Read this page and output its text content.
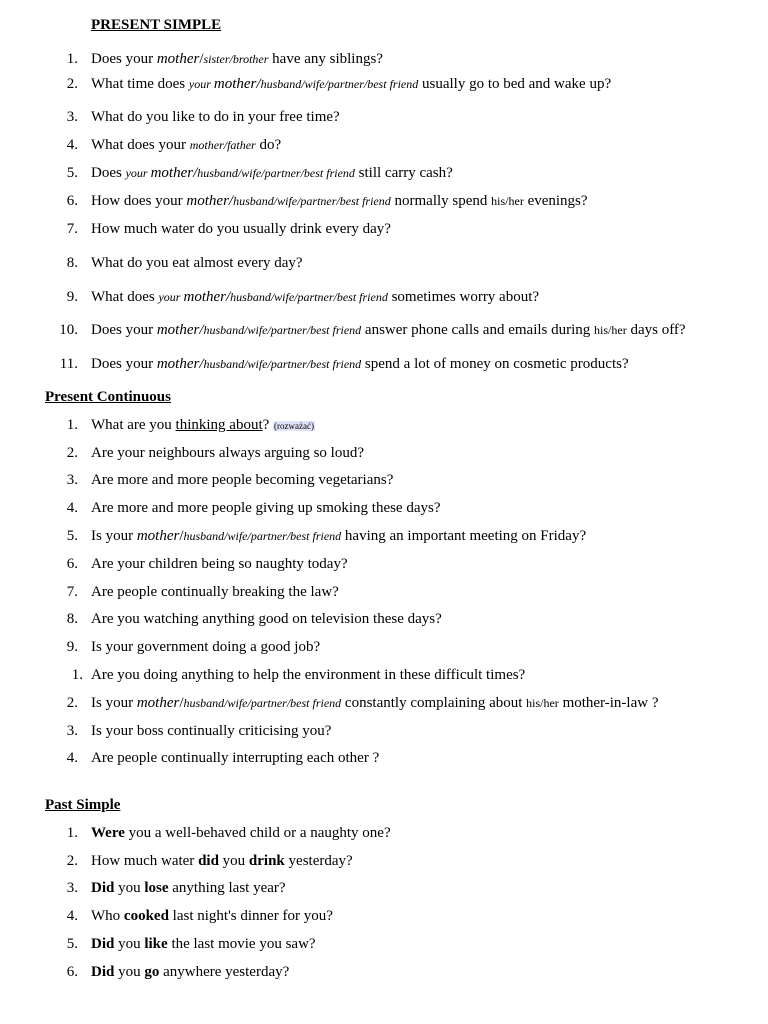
PRESENT SIMPLE
1. Does your mother/sister/brother have any siblings?
2. What time does your mother/husband/wife/partner/best friend usually go to bed and wake up?
3. What do you like to do in your free time?
4. What does your mother/father do?
5. Does your mother/husband/wife/partner/best friend still carry cash?
6. How does your mother/husband/wife/partner/best friend normally spend his/her evenings?
7. How much water do you usually drink every day?
8. What do you eat almost every day?
9. What does your mother/husband/wife/partner/best friend sometimes worry about?
10. Does your mother/husband/wife/partner/best friend answer phone calls and emails during his/her days off?
11. Does your mother/husband/wife/partner/best friend spend a lot of money on cosmetic products?
Present Continuous
1. What are you thinking about? (rozważać)
2. Are your neighbours always arguing so loud?
3. Are more and more people becoming vegetarians?
4. Are more and more people giving up smoking these days?
5. Is your mother/husband/wife/partner/best friend having an important meeting on Friday?
6. Are your children being so naughty today?
7. Are people continually breaking the law?
8. Are you watching anything good on television these days?
9. Is your government doing a good job?
1. Are you doing anything to help the environment in these difficult times?
2. Is your mother/husband/wife/partner/best friend constantly complaining about his/her mother-in-law ?
3. Is your boss continually criticising you?
4. Are people continually interrupting each other ?
Past Simple
1. Were you a well-behaved child or a naughty one?
2. How much water did you drink yesterday?
3. Did you lose anything last year?
4. Who cooked last night's dinner for you?
5. Did you like the last movie you saw?
6. Did you go anywhere yesterday?
